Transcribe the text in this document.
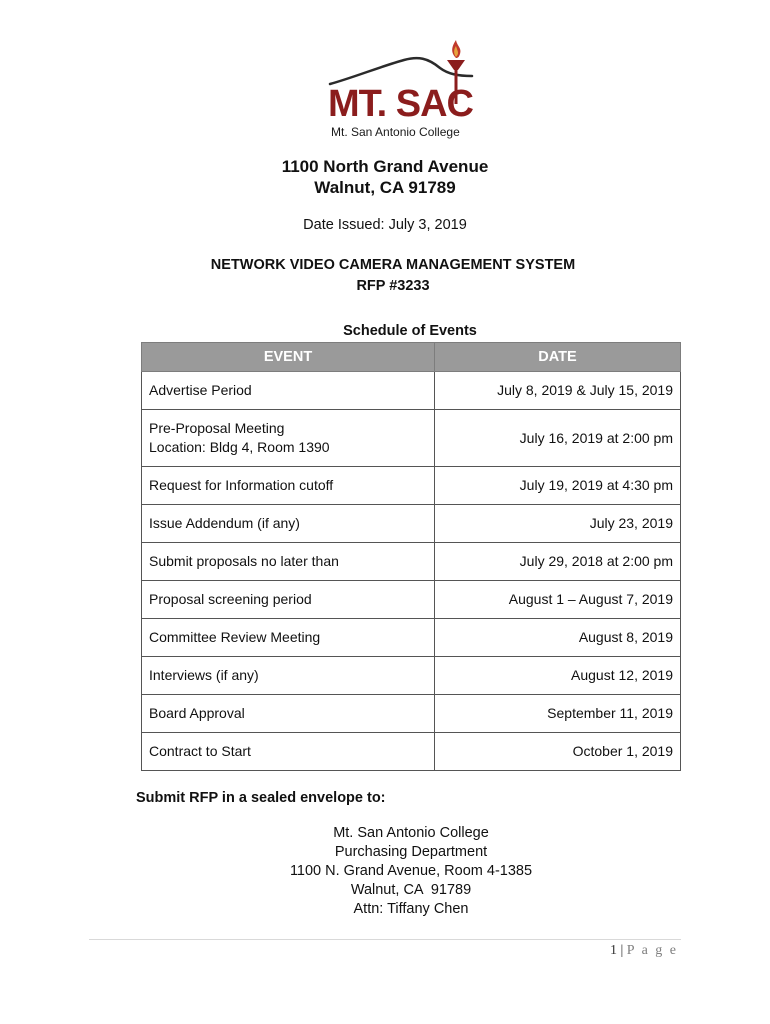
MT. SAC
Mt. San Antonio College
1100 North Grand Avenue
Walnut, CA 91789
Date Issued: July 3, 2019
NETWORK VIDEO CAMERA MANAGEMENT SYSTEM
RFP #3233
Schedule of Events
EVENT	DATE
Advertise Period	July 8, 2019 & July 15, 2019

Pre-Proposal Meeting
Location: Bldg 4, Room 1390	July 16, 2019 at 2:00 pm
Request for Information cutoff	July 19, 2019 at 4:30 pm
Issue Addendum (if any)	July 23, 2019
Submit proposals no later than	July 29, 2018 at 2:00 pm
Proposal screening period	August 1 – August 7, 2019
Committee Review Meeting	August 8, 2019
Interviews (if any)	August 12, 2019
Board Approval	September 11, 2019
Contract to Start	October 1, 2019
Submit RFP in a sealed envelope to:
Mt. San Antonio College
Purchasing Department
1100 N. Grand Avenue, Room 4-1385
Walnut, CA  91789
Attn: Tiffany Chen
1 | P a g e
